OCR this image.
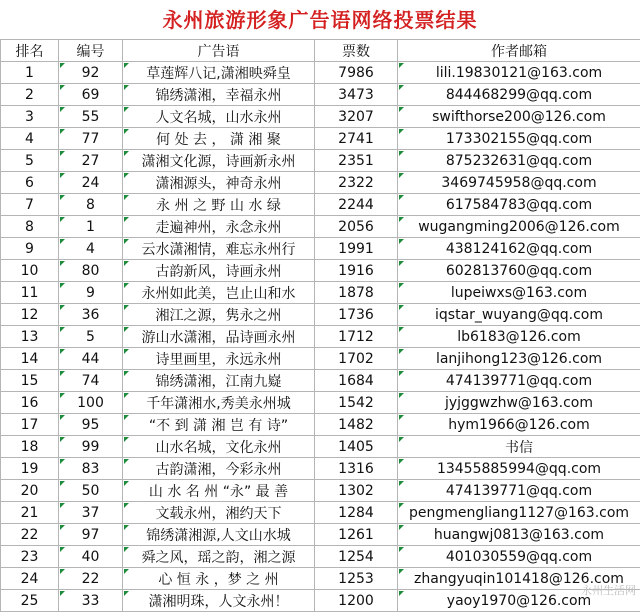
永州旅游形象广告语网络投票结果
排名	编号	广告语	票数	作者邮箱
1	92	草莲辉八记,潇湘映舜皇	7986	lili.19830121@163.com
2	69	锦绣潇湘，幸福永州	3473	844468299@qq.com
3	55	人文名城，山水永州	3207	swifthorse200@126.com
4	77	何 处 去 ， 潇 湘 聚	2741	173302155@qq.com
5	27	潇湘文化源，诗画新永州	2351	875232631@qq.com
6	24	潇湘源头，神奇永州	2322	3469745958@qq.com
7	8	永 州 之 野 山 水 绿	2244	617584783@qq.com
8	1	走遍神州，永念永州	2056	wugangming2006@126.com
9	4	云水潇湘情，难忘永州行	1991	438124162@qq.com
10	80	古韵新风，诗画永州	1916	602813760@qq.com
11	9	永州如此美，岂止山和水	1878	lupeiwxs@163.com
12	36	湘江之源，隽永之州	1736	iqstar_wuyang@qq.com
13	5	游山水潇湘，品诗画永州	1712	lb6183@126.com
14	44	诗里画里，永远永州	1702	lanjihong123@126.com
15	74	锦绣潇湘，江南九嶷	1684	474139771@qq.com
16	100	千年潇湘水,秀美永州城	1542	jyjggwzhw@163.com
17	95	“不 到 潇 湘 岂 有 诗”	1482	hym1966@126.com
18	99	山水名城，文化永州	1405	书信
19	83	古韵潇湘，今彩永州	1316	13455885994@qq.com
20	50	山 水 名 州 “永” 最 善	1302	474139771@qq.com
21	37	文载永州，湘约天下	1284	pengmengliang1127@163.com
22	97	锦绣潇湘源,人文山水城	1261	huangwj0813@163.com
23	40	舜之风，瑶之韵，湘之源	1254	401030559@qq.com
24	22	心 恒 永 ，梦 之 州	1253	zhangyuqin101418@126.com
25	33	潇湘明珠，人文永州！	1200	yaoy1970@126.com
永州生活网
